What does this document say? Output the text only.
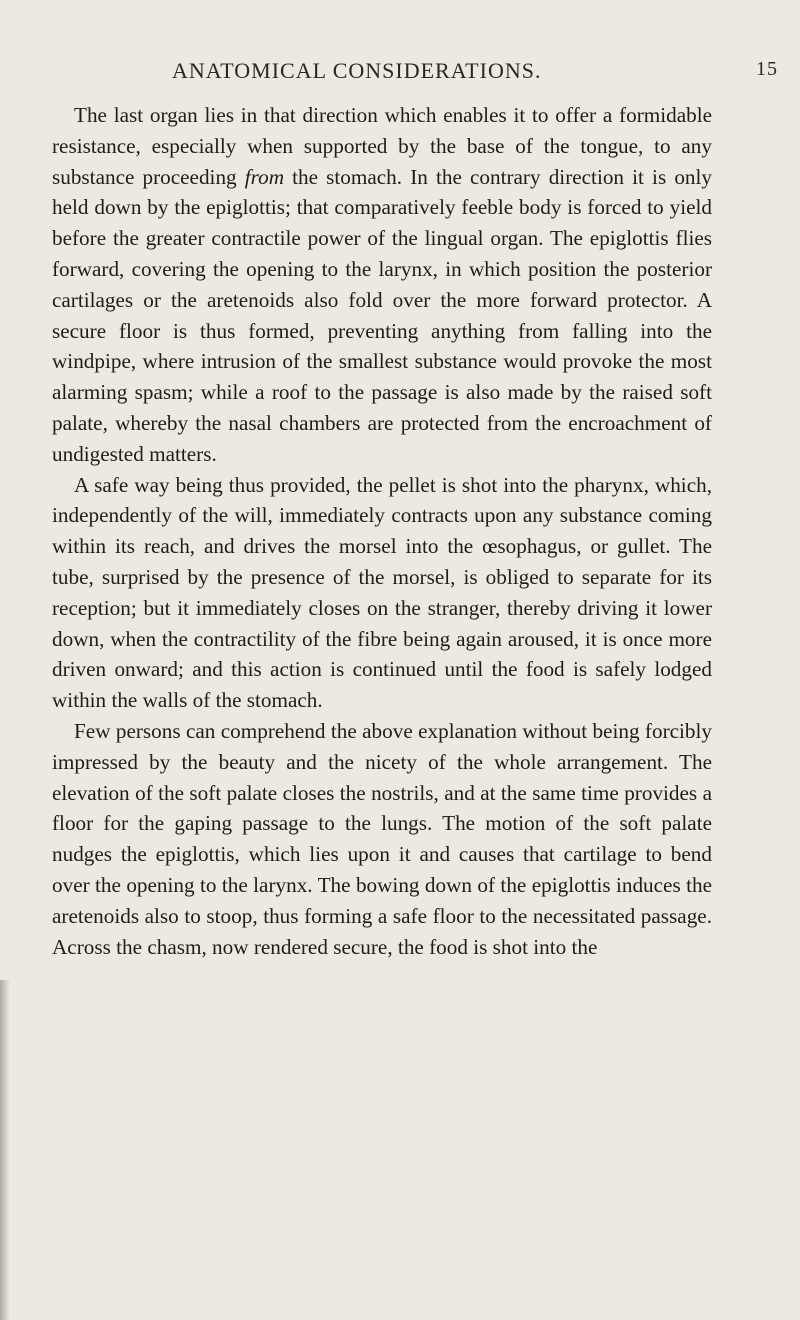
ANATOMICAL CONSIDERATIONS.	15

The last organ lies in that direction which enables it to offer a formidable resistance, especially when supported by the base of the tongue, to any substance proceeding from the stomach. In the contrary direction it is only held down by the epiglottis; that comparatively feeble body is forced to yield before the greater contractile power of the lingual organ. The epiglottis flies forward, covering the opening to the larynx, in which position the posterior cartilages or the aretenoids also fold over the more forward protector. A secure floor is thus formed, preventing anything from falling into the windpipe, where intrusion of the smallest substance would provoke the most alarming spasm; while a roof to the passage is also made by the raised soft palate, whereby the nasal chambers are protected from the encroachment of undigested matters.

A safe way being thus provided, the pellet is shot into the pharynx, which, independently of the will, immediately contracts upon any substance coming within its reach, and drives the morsel into the œsophagus, or gullet. The tube, surprised by the presence of the morsel, is obliged to separate for its reception; but it immediately closes on the stranger, thereby driving it lower down, when the contractility of the fibre being again aroused, it is once more driven onward; and this action is continued until the food is safely lodged within the walls of the stomach.

Few persons can comprehend the above explanation without being forcibly impressed by the beauty and the nicety of the whole arrangement. The elevation of the soft palate closes the nostrils, and at the same time provides a floor for the gaping passage to the lungs. The motion of the soft palate nudges the epiglottis, which lies upon it and causes that cartilage to bend over the opening to the larynx. The bowing down of the epiglottis induces the aretenoids also to stoop, thus forming a safe floor to the necessitated passage. Across the chasm, now rendered secure, the food is shot into the
